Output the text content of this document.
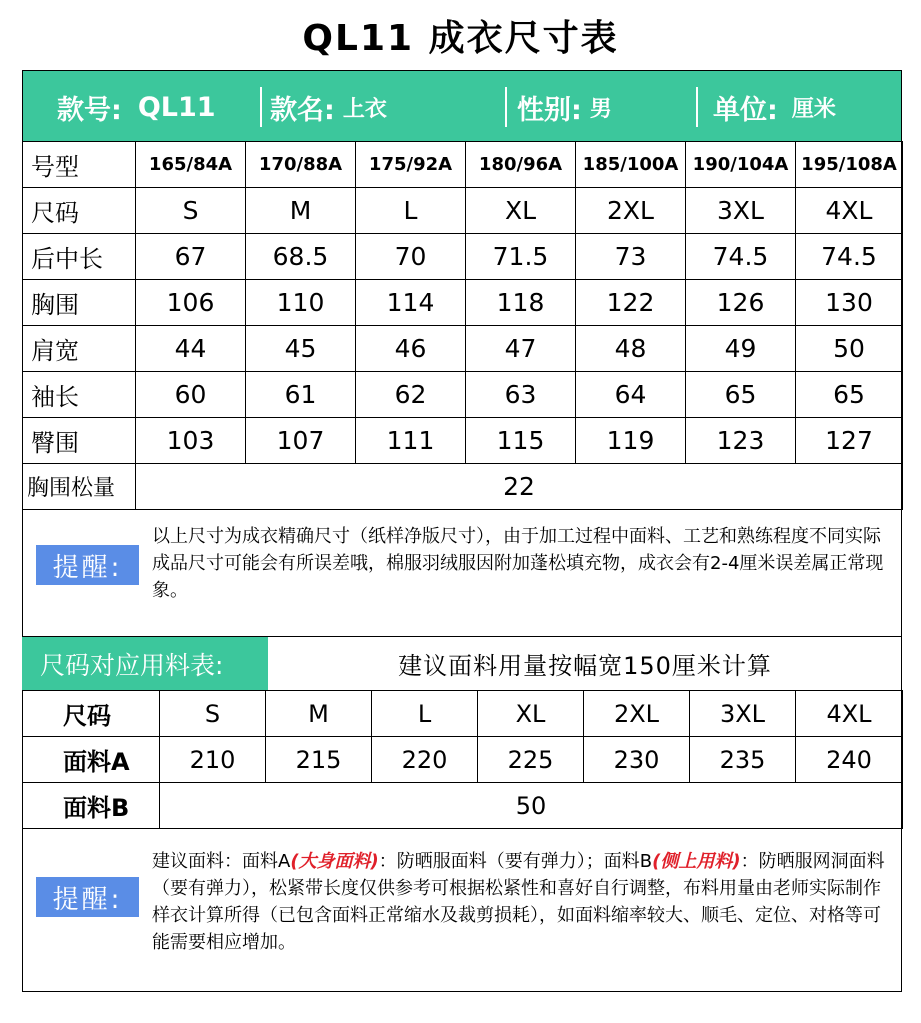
QL11 成衣尺寸表
款号: QL11 款名: 上衣	性别: 男	单位: 厘米
号型	165/84A	170/88A	175/92A	180/96A	185/100A	190/104A	195/108A
尺码	S	M	L	XL	2XL	3XL	4XL
后中长	67	68.5	70	71.5	73	74.5	74.5
胸围	106	110	114	118	122	126	130
肩宽	44	45	46	47	48	49	50
袖长	60	61	62	63	64	65	65
臀围	103	107	111	115	119	123	127
胸围松量	22						
提醒:
以上尺寸为成衣精确尺寸（纸样净版尺寸），由于加工过程中面料、工艺和熟练程度不同实际成品尺寸可能会有所误差哦，棉服羽绒服因附加蓬松填充物，成衣会有2-4厘米误差属正常现象。
尺码对应用料表:	建议面料用量按幅宽150厘米计算
尺码	S	M	L	XL	2XL	3XL	4XL
面料A	210	215	220	225	230	235	240
面料B	50						
提醒:
建议面料：面料A(大身面料)：防晒服面料（要有弹力）；面料B(侧上用料)：防晒服网洞面料（要有弹力），松紧带长度仅供参考可根据松紧性和喜好自行调整，布料用量由老师实际制作样衣计算所得（已包含面料正常缩水及裁剪损耗），如面料缩率较大、顺毛、定位、对格等可能需要相应增加。
